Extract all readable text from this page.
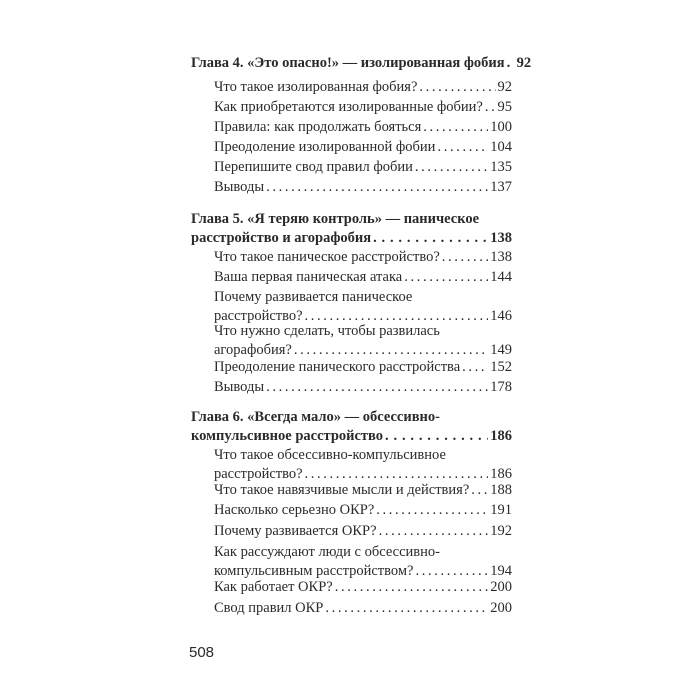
Глава 4. «Это опасно!» — изолированная фобия . . . 92
Что такое изолированная фобия? . . .	92
Как приобретаются изолированные фобии? . . . 95
Правила: как продолжать бояться . . .	100
Преодоление изолированной фобии . . .	104
Перепишите свод правил фобии . . .	135
Выводы . . .	137
Глава 5. «Я теряю контроль» — паническое
расстройство и агорафобия . . .	138
Что такое паническое расстройство? . . .	138
Ваша первая паническая атака . . .	144
Почему развивается паническое
расстройство? . . .	146
Что нужно сделать, чтобы развилась
агорафобия? . . .	149
Преодоление панического расстройства . . . 152
Выводы . . .	178
Глава 6. «Всегда мало» — обсессивно-
компульсивное расстройство . . .	186
Что такое обсессивно-компульсивное
расстройство? . . .	186
Что такое навязчивые мысли и действия? . . . 188
Насколько серьезно ОКР? . . .	191
Почему развивается ОКР? . . .	192
Как рассуждают люди с обсессивно-
компульсивным расстройством? . . .	194
Как работает ОКР? . . .	200
Свод правил ОКР . . .	200
508
